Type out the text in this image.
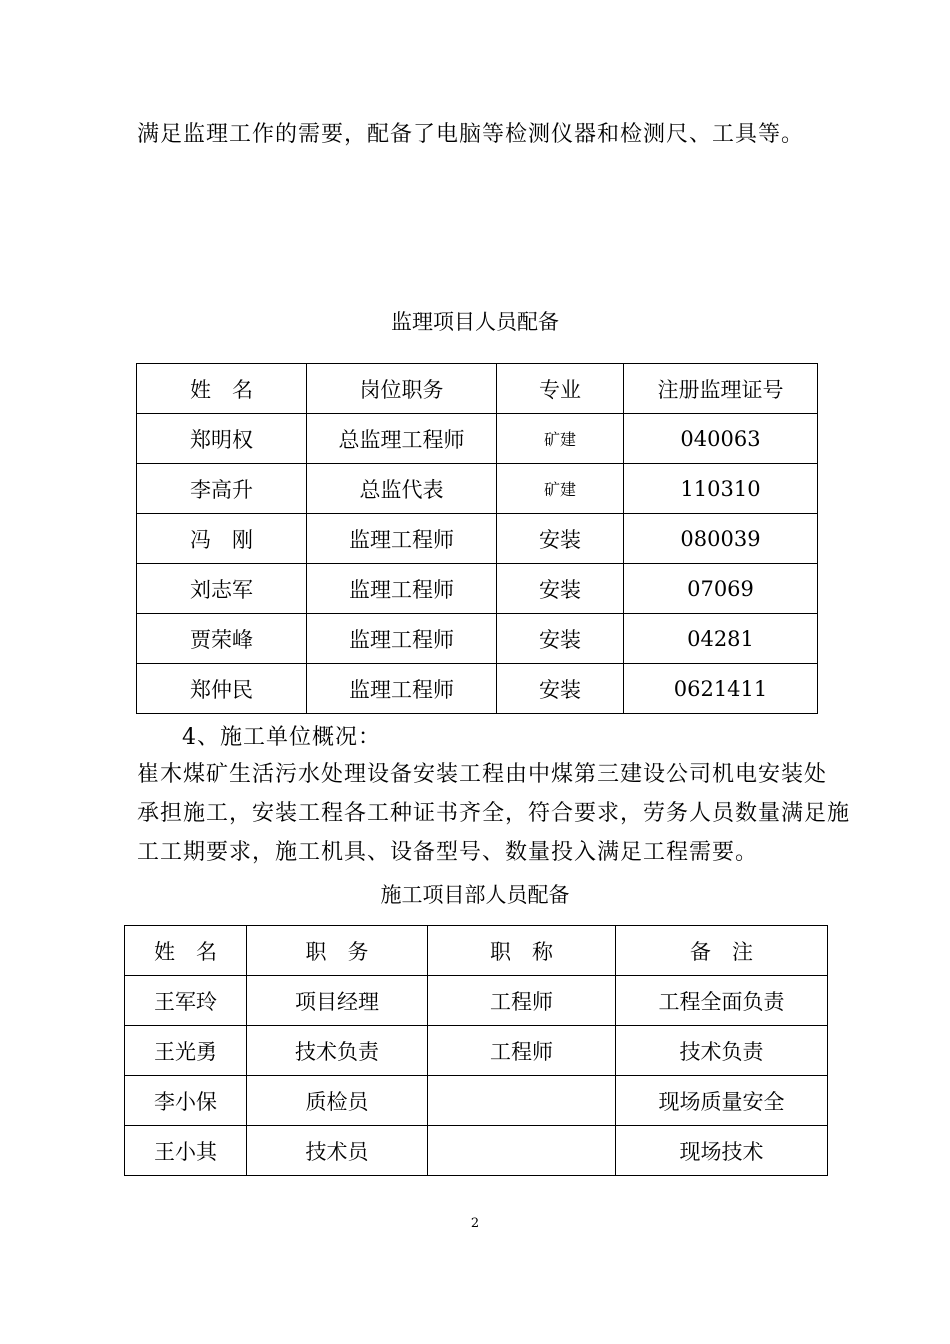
满足监理工作的需要，配备了电脑等检测仪器和检测尺、工具等。
监理项目人员配备
姓　名	岗位职务	专业	注册监理证号
郑明权	总监理工程师	矿建	040063
李高升	总监代表	矿建	110310
冯　刚	监理工程师	安装	080039
刘志军	监理工程师	安装	07069
贾荣峰	监理工程师	安装	04281
郑仲民	监理工程师	安装	0621411
4、施工单位概况：
崔木煤矿生活污水处理设备安装工程由中煤第三建设公司机电安装处
承担施工，安装工程各工种证书齐全，符合要求，劳务人员数量满足施
工工期要求，施工机具、设备型号、数量投入满足工程需要。
施工项目部人员配备
姓　名	职　务	职　称	备　注
王军玲	项目经理	工程师	工程全面负责
王光勇	技术负责	工程师	技术负责
李小保	质检员		现场质量安全
王小其	技术员		现场技术
2
